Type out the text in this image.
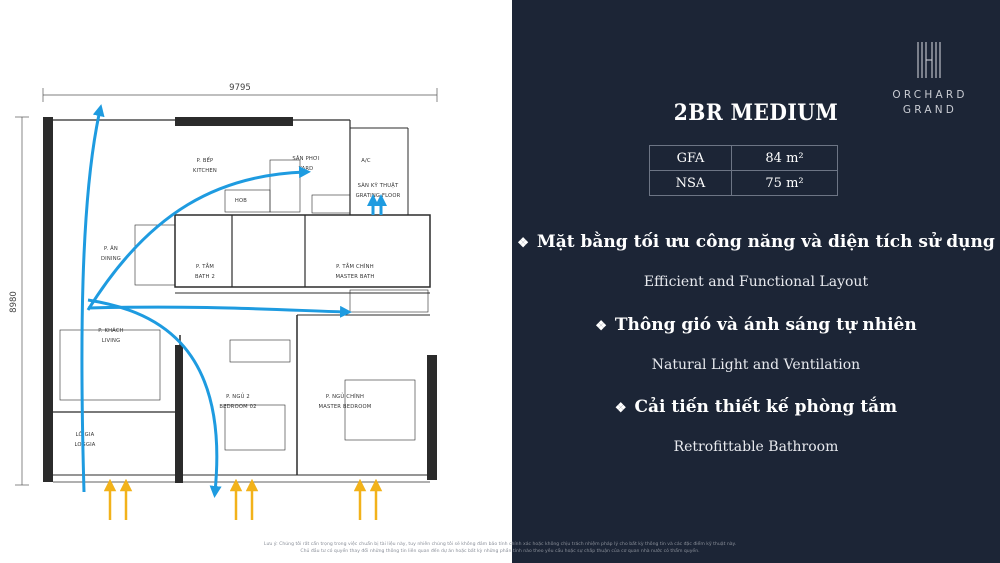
9795
8980
P. BẾP
KITCHEN
SÂN PHƠI
YARD
A/C
SÀN KỸ THUẬT
GRATING FLOOR
HOB
P. ĂN
DINING
P. TẮM
BATH 2
P. TẮM CHÍNH
MASTER BATH
P. KHÁCH
LIVING
P. NGỦ 2
BEDROOM 02
P. NGỦ CHÍNH
MASTER BEDROOM
LÔ GIA
LOGGIA
ORCHARD
GRAND
2BR MEDIUM
GFA	84 m²
NSA	75 m²
❖ Mặt bằng tối ưu công năng và diện tích sử dụng
Efficient and Functional Layout
❖ Thông gió và ánh sáng tự nhiên
Natural Light and Ventilation
❖ Cải tiến thiết kế phòng tắm
Retrofittable Bathroom
Lưu ý: Chúng tôi rất cẩn trọng trong việc chuẩn bị tài liệu này, tuy nhiên chúng tôi sẽ không đảm bảo tính chính xác hoặc không chịu trách nhiệm pháp lý cho bất kỳ thông tin và các đặc điểm kỹ thuật này.
Chủ đầu tư có quyền thay đổi những thông tin liên quan đến dự án hoặc bất kỳ những phần tính nào theo yêu cầu hoặc sự chấp thuận của cơ quan nhà nước có thẩm quyền.
